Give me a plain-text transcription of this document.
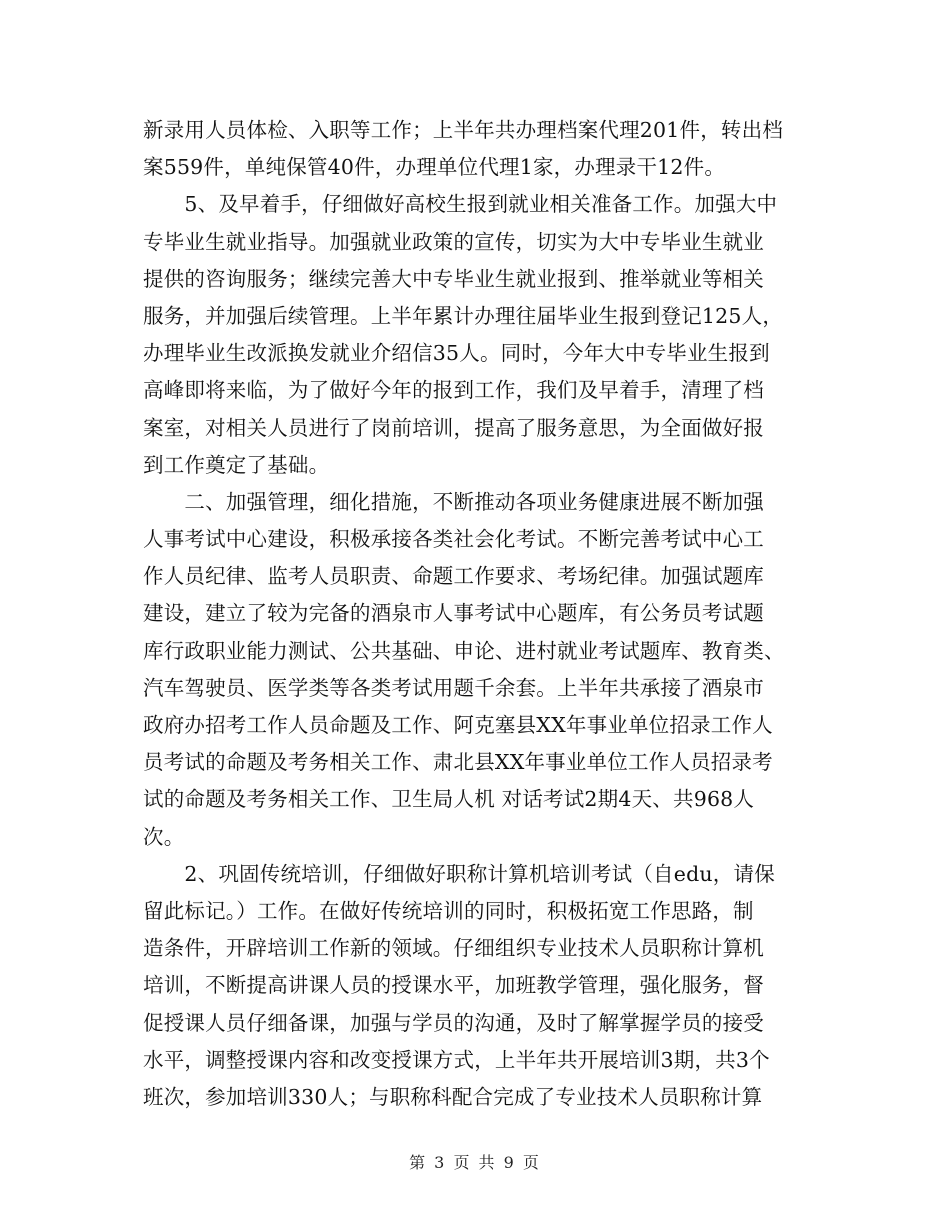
新录用人员体检、入职等工作；上半年共办理档案代理201件，转出档
案559件，单纯保管40件，办理单位代理1家，办理录干12件。
　　5、及早着手，仔细做好高校生报到就业相关准备工作。加强大中
专毕业生就业指导。加强就业政策的宣传，切实为大中专毕业生就业
提供的咨询服务；继续完善大中专毕业生就业报到、推举就业等相关
服务，并加强后续管理。上半年累计办理往届毕业生报到登记125人，
办理毕业生改派换发就业介绍信35人。同时，今年大中专毕业生报到
高峰即将来临，为了做好今年的报到工作，我们及早着手，清理了档
案室，对相关人员进行了岗前培训，提高了服务意思，为全面做好报
到工作奠定了基础。
　　二、加强管理，细化措施，不断推动各项业务健康进展不断加强
人事考试中心建设，积极承接各类社会化考试。不断完善考试中心工
作人员纪律、监考人员职责、命题工作要求、考场纪律。加强试题库
建设，建立了较为完备的酒泉市人事考试中心题库，有公务员考试题
库行政职业能力测试、公共基础、申论、进村就业考试题库、教育类、
汽车驾驶员、医学类等各类考试用题千余套。上半年共承接了酒泉市
政府办招考工作人员命题及工作、阿克塞县XX年事业单位招录工作人
员考试的命题及考务相关工作、肃北县XX年事业单位工作人员招录考
试的命题及考务相关工作、卫生局人机 对话考试2期4天、共968人
次。
　　2、巩固传统培训，仔细做好职称计算机培训考试（自edu，请保
留此标记。）工作。在做好传统培训的同时，积极拓宽工作思路，制
造条件，开辟培训工作新的领域。仔细组织专业技术人员职称计算机
培训，不断提高讲课人员的授课水平，加班教学管理，强化服务，督
促授课人员仔细备课，加强与学员的沟通，及时了解掌握学员的接受
水平，调整授课内容和改变授课方式，上半年共开展培训3期，共3个
班次，参加培训330人；与职称科配合完成了专业技术人员职称计算
第 3 页 共 9 页
